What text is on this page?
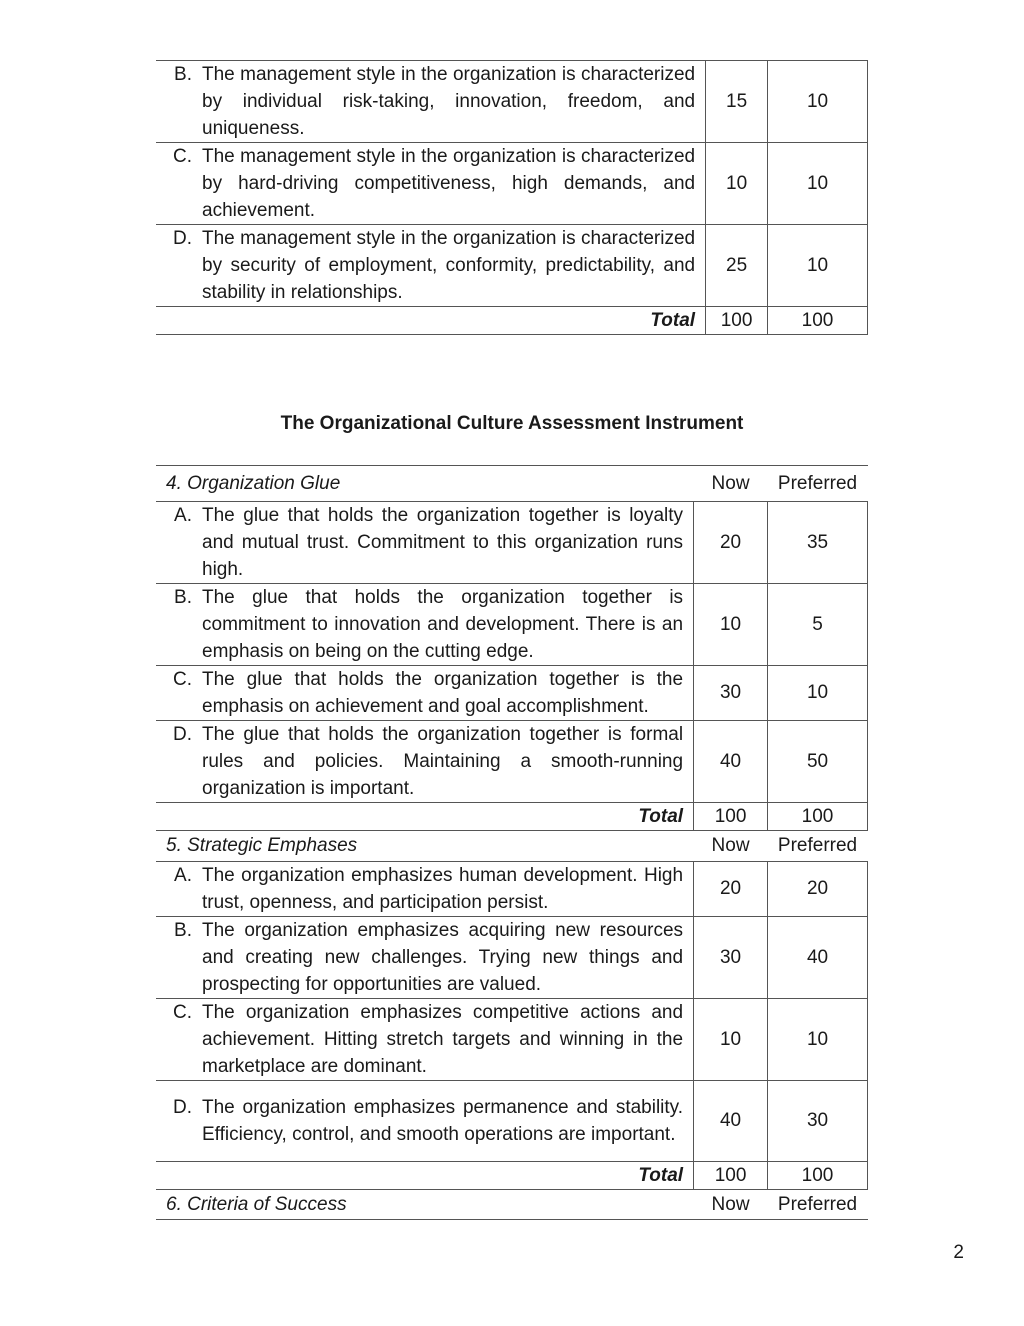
B. The management style in the organization is characterized by individual risk-taking, innovation, freedom, and uniqueness.	15	10

C. The management style in the organization is characterized by hard-driving competitiveness, high demands, and achievement.	10	10

D. The management style in the organization is characterized by security of employment, conformity, predictability, and stability in relationships.	25	10
Total	100	100
The Organizational Culture Assessment Instrument
4. Organization Glue	Now	Preferred

A. The glue that holds the organization together is loyalty and mutual trust. Commitment to this organization runs high.	20	35

B. The glue that holds the organization together is commitment to innovation and development. There is an emphasis on being on the cutting edge.	10	5

C. The glue that holds the organization together is the emphasis on achievement and goal accomplishment.	30	10

D. The glue that holds the organization together is formal rules and policies. Maintaining a smooth-running organization is important.	40	50
Total	100	100
5. Strategic Emphases	Now	Preferred

A. The organization emphasizes human development. High trust, openness, and participation persist.	20	20

B. The organization emphasizes acquiring new resources and creating new challenges. Trying new things and prospecting for opportunities are valued.	30	40

C. The organization emphasizes competitive actions and achievement. Hitting stretch targets and winning in the marketplace are dominant.	10	10

D. The organization emphasizes permanence and stability. Efficiency, control, and smooth operations are important.	40	30
Total	100	100
6. Criteria of Success	Now	Preferred
2
